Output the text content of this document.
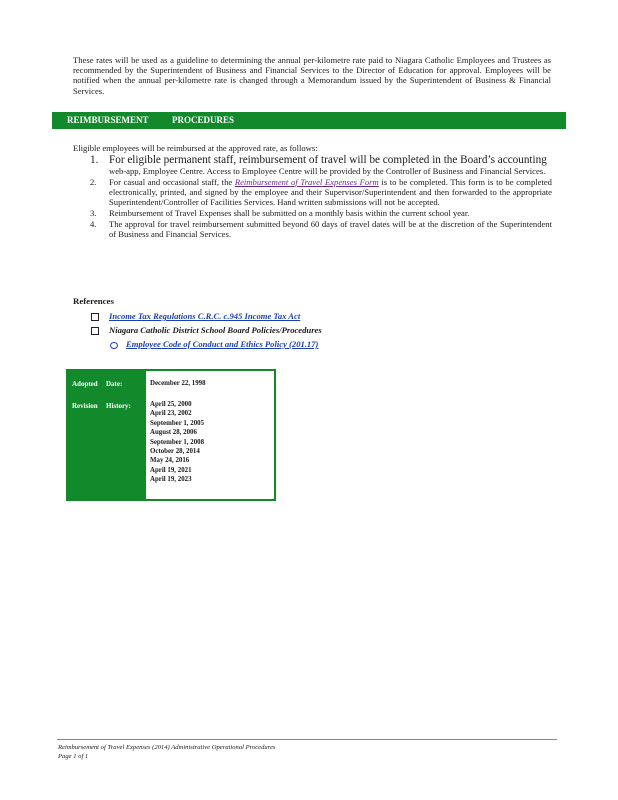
These rates will be used as a guideline to determining the annual per-kilometre rate paid to Niagara Catholic Employees and Trustees as recommended by the Superintendent of Business and Financial Services to the Director of Education for approval. Employees will be notified when the annual per-kilometre rate is changed through a Memorandum issued by the Superintendent of Business & Financial Services.
REIMBURSEMENT	PROCEDURES
Eligible employees will be reimbursed at the approved rate, as follows:
1. For eligible permanent staff, reimbursement of travel will be completed in the Board’s accounting
web-app, Employee Centre. Access to Employee Centre will be provided by the Controller of Business and Financial Services.
2. For casual and occasional staff, the Reimbursement of Travel Expenses Form is to be completed. This form is to be completed electronically, printed, and signed by the employee and their Supervisor/Superintendent and then forwarded to the appropriate Superintendent/Controller of Facilities Services. Hand written submissions will not be accepted.
3. Reimbursement of Travel Expenses shall be submitted on a monthly basis within the current school year.
4. The approval for travel reimbursement submitted beyond 60 days of travel dates will be at the discretion of the Superintendent of Business and Financial Services.
References
Income Tax Regulations C.R.C. c.945 Income Tax Act
Niagara Catholic District School Board Policies/Procedures
Employee Code of Conduct and Ethics Policy (201.17)
Adopted Date:	December 22, 1998
Revision History:	April 25, 2000
April 23, 2002
September 1, 2005
August 28, 2006
September 1, 2008
October 28, 2014
May 24, 2016
April 19, 2021
April 19, 2023
Reimbursement of Travel Expenses (2014) Administrative Operational Procedures
Page 1 of 1
